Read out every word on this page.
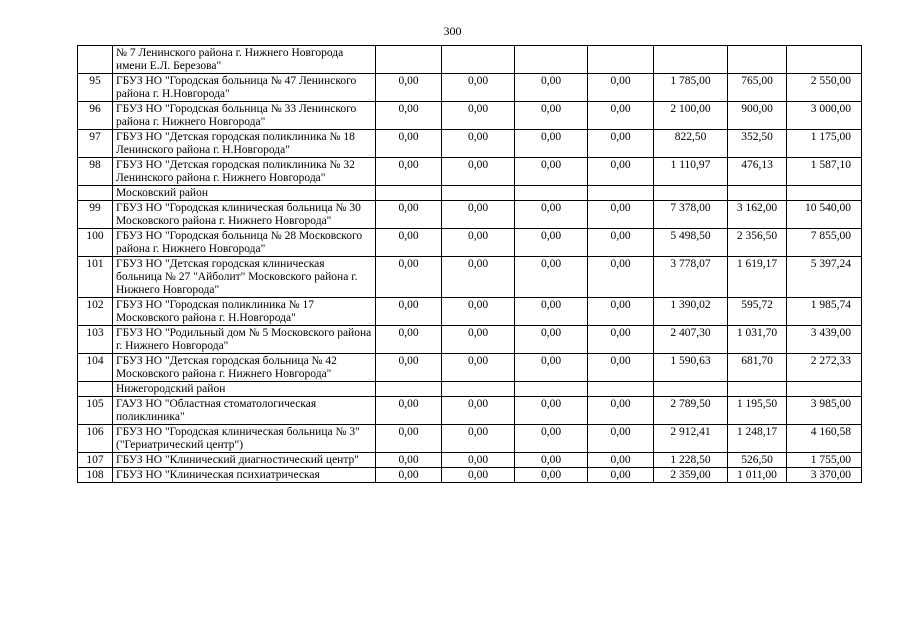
300
	№ 7 Ленинского района г. Нижнего Новгорода имени Е.Л. Березова"							
95	ГБУЗ НО "Городская больница № 47 Ленинского района г. Н.Новгорода"	0,00	0,00	0,00	0,00	1 785,00	765,00	2 550,00
96	ГБУЗ НО "Городская больница № 33 Ленинского района г. Нижнего Новгорода"	0,00	0,00	0,00	0,00	2 100,00	900,00	3 000,00
97	ГБУЗ НО "Детская городская поликлиника № 18 Ленинского района г. Н.Новгорода"	0,00	0,00	0,00	0,00	822,50	352,50	1 175,00
98	ГБУЗ НО "Детская городская поликлиника № 32 Ленинского района г. Нижнего Новгорода"	0,00	0,00	0,00	0,00	1 110,97	476,13	1 587,10
	Московский район							
99	ГБУЗ НО "Городская клиническая больница № 30 Московского района г. Нижнего Новгорода"	0,00	0,00	0,00	0,00	7 378,00	3 162,00	10 540,00
100	ГБУЗ НО "Городская больница № 28 Московского района г. Нижнего Новгорода"	0,00	0,00	0,00	0,00	5 498,50	2 356,50	7 855,00
101	ГБУЗ НО "Детская городская клиническая больница № 27 "Айболит" Московского района г. Нижнего Новгорода"	0,00	0,00	0,00	0,00	3 778,07	1 619,17	5 397,24
102	ГБУЗ НО "Городская поликлиника № 17 Московского района г. Н.Новгорода"	0,00	0,00	0,00	0,00	1 390,02	595,72	1 985,74
103	ГБУЗ НО "Родильный дом № 5 Московского района г. Нижнего Новгорода"	0,00	0,00	0,00	0,00	2 407,30	1 031,70	3 439,00
104	ГБУЗ НО "Детская городская больница № 42 Московского района г. Нижнего Новгорода"	0,00	0,00	0,00	0,00	1 590,63	681,70	2 272,33
	Нижегородский район							
105	ГАУЗ НО "Областная стоматологическая поликлиника"	0,00	0,00	0,00	0,00	2 789,50	1 195,50	3 985,00
106	ГБУЗ НО "Городская клиническая больница № 3" ("Гериатрический центр")	0,00	0,00	0,00	0,00	2 912,41	1 248,17	4 160,58
107	ГБУЗ НО "Клинический диагностический центр"	0,00	0,00	0,00	0,00	1 228,50	526,50	1 755,00
108	ГБУЗ НО "Клиническая психиатрическая	0,00	0,00	0,00	0,00	2 359,00	1 011,00	3 370,00
